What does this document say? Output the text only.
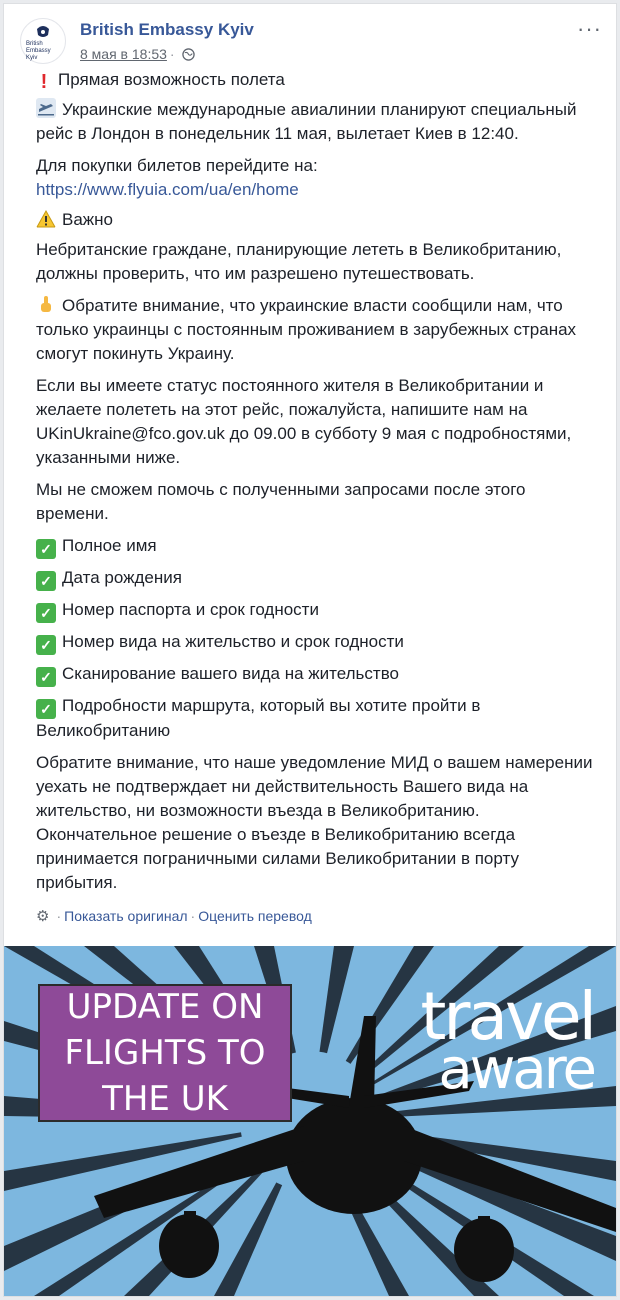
British Embassy Kyiv
British Embassy Kyiv
8 мая в 18:53 ·
···

! Прямая возможность полета

Украинские международные авиалинии планируют специальный рейс в Лондон в понедельник 11 мая, вылетает Киев в 12:40.

Для покупки билетов перейдите на:
https://www.flyuia.com/ua/en/home

Важно

Небританские граждане, планирующие лететь в Великобританию, должны проверить, что им разрешено путешествовать.

Обратите внимание, что украинские власти сообщили нам, что только украинцы с постоянным проживанием в зарубежных странах смогут покинуть Украину.

Если вы имеете статус постоянного жителя в Великобритании и желаете полететь на этот рейс, пожалуйста, напишите нам на UKinUkraine@fco.gov.uk до 09.00 в субботу 9 мая с подробностями, указанными ниже.

Мы не сможем помочь с полученными запросами после этого времени.

✓ Полное имя

✓ Дата рождения

✓ Номер паспорта и срок годности

✓ Номер вида на жительство и срок годности

✓ Сканирование вашего вида на жительство

✓ Подробности маршрута, который вы хотите пройти в Великобританию

Обратите внимание, что наше уведомление МИД о вашем намерении уехать не подтверждает ни действительность Вашего вида на жительство, ни возможности въезда в Великобританию. Окончательное решение о въезде в Великобританию всегда принимается пограничными силами Великобритании в порту прибытия.

⚙ · Показать оригинал · Оценить перевод
UPDATE ON
FLIGHTS TO
THE UK
travel
aware
